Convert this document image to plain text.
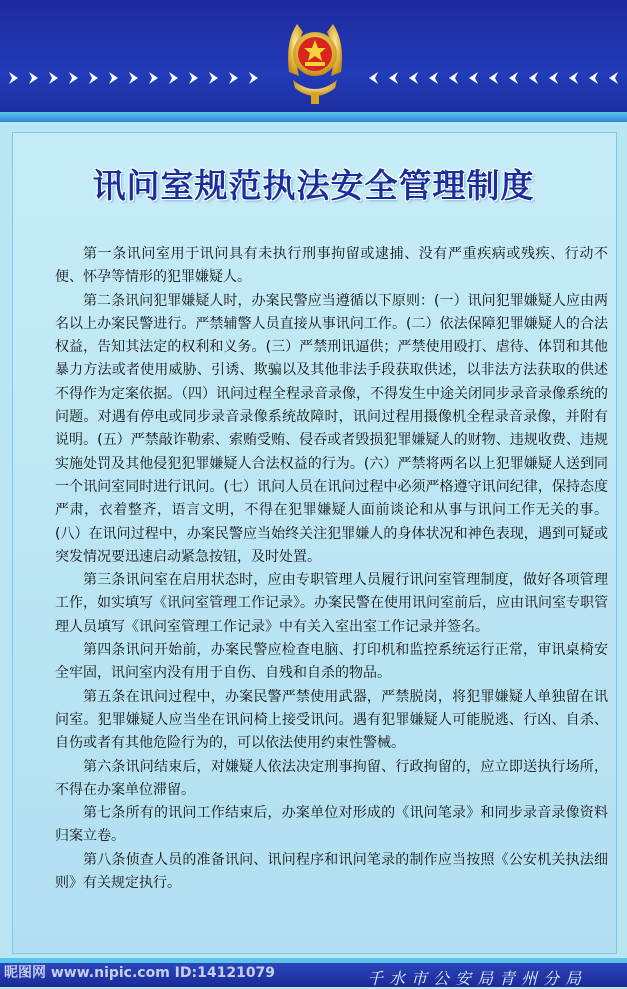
讯问室规范执法安全管理制度

第一条讯问室用于讯问具有未执行刑事拘留或逮捕、没有严重疾病或残疾、行动不便、怀孕等情形的犯罪嫌疑人。

第二条讯问犯罪嫌疑人时，办案民警应当遵循以下原则：(一）讯问犯罪嫌疑人应由两名以上办案民警进行。严禁辅警人员直接从事讯问工作。(二）依法保障犯罪嫌疑人的合法权益，告知其法定的权利和义务。(三）严禁刑讯逼供；严禁使用殴打、虐待、体罚和其他暴力方法或者使用威胁、引诱、欺骗以及其他非法手段获取供述，以非法方法获取的供述不得作为定案依据。（四）讯问过程全程录音录像，不得发生中途关闭同步录音录像系统的问题。对遇有停电或同步录音录像系统故障时，讯问过程用摄像机全程录音录像，并附有说明。(五）严禁敲诈勒索、索贿受贿、侵吞或者毁损犯罪嫌疑人的财物、违规收费、违规实施处罚及其他侵犯犯罪嫌疑人合法权益的行为。(六）严禁将两名以上犯罪嫌疑人送到同一个讯问室同时进行讯问。(七）讯问人员在讯问过程中必须严格遵守讯问纪律，保持态度严肃，衣着整齐，语言文明，不得在犯罪嫌疑人面前谈论和从事与讯问工作无关的事。(八）在讯问过程中，办案民警应当始终关注犯罪嫌人的身体状况和神色表现，遇到可疑或突发情况要迅速启动紧急按钮，及时处置。

第三条讯问室在启用状态时，应由专职管理人员履行讯问室管理制度，做好各项管理工作，如实填写《讯问室管理工作记录》。办案民警在使用讯问室前后，应由讯问室专职管理人员填写《讯问室管理工作记录》中有关入室出室工作记录并签名。

第四条讯问开始前，办案民警应检查电脑、打印机和监控系统运行正常，审讯桌椅安全牢固，讯问室内没有用于自伤、自残和自杀的物品。

第五条在讯问过程中，办案民警严禁使用武器，严禁脱岗，将犯罪嫌疑人单独留在讯问室。犯罪嫌疑人应当坐在讯问椅上接受讯问。遇有犯罪嫌疑人可能脱逃、行凶、自杀、自伤或者有其他危险行为的，可以依法使用约束性警械。

第六条讯问结束后，对嫌疑人依法决定刑事拘留、行政拘留的，应立即送执行场所，不得在办案单位滞留。

第七条所有的讯问工作结束后，办案单位对形成的《讯问笔录》和同步录音录像资料归案立卷。

第八条侦查人员的准备讯问、讯问程序和讯问笔录的制作应当按照《公安机关执法细则》有关规定执行。

千水市公安局青州分局
昵图网 www.nipic.com ID:14121079
